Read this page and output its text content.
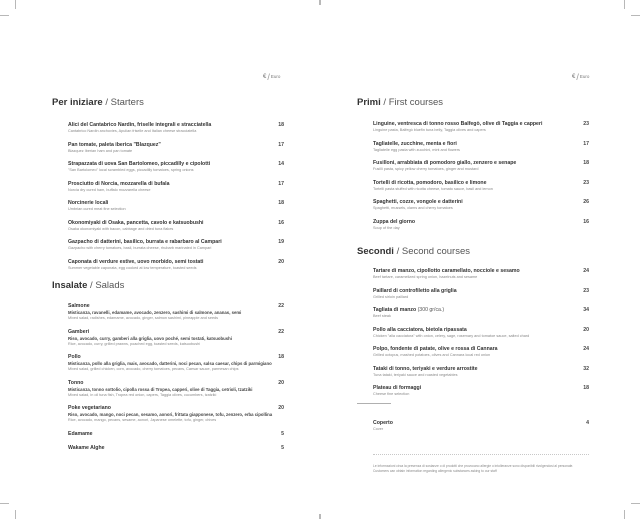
€/Euro
Per iniziare / Starters
Alici del Cantabrico Nardin, friselle integrali e stracciatella
Cantabrico Nardin anchovies, Apulian friselle and Italian cheese stracciatella
18
Pan tomate, paleta iberica "Blazquez"
Blazquez Iberian ham and pan tomate
17
Strapazzata di uova San Bartolomeo, piccadilly e cipolotti
"San Bartolomeo" local scrambled eggs, piccadilly tomatoes, spring onions
14
Prosciutto di Norcia, mozzarella di bufala
Norcia dry cured ham, buffalo mozzarella cheese
17
Norcinerie locali
Umbrian cured meat fine selection
18
Okonomiyaki di Osaka, pancetta, cavolo e katsuobushi
Osaka okonomiyaki with bacon, cabbage and dried tuna flakes
16
Gazpacho di datterini, basilico, burrata e rabarbaro al Campari
Gazpacho with cherry tomatoes, basil, burrata cheese, rhubarb marinated in Campari
19
Caponata di verdure estive, uovo morbido, semi tostati
Summer vegetable caponata, egg cooked at low temperature, toasted seeds
20
Insalate / Salads
Salmone
Misticanza, ravanelli, edamame, avocado, zenzero, sashimi di salmone, ananas, semi
Mixed salad, radishes, edamame, avocado, ginger, salmon sashimi, pineapple and seeds
22
Gamberi
Riso, avocado, curry, gamberi alla griglia, uovo poché, semi tostati, katsuobushi
Rice, avocado, curry, grilled prawns, poached egg, toasted seeds, katsuobushi
22
Pollo
Misticanza, pollo alla griglia, mais, avocado, datterini, noci pecan, salsa caesar, chips di parmigiano
Mixed salad, grilled chicken, corn, avocado, cherry tomatoes, pecans, Caesar sauce, parmesan chips
18
Tonno
Misticanza, tonno sottolio, cipolla rossa di Tropea, capperi, olive di Taggia, cetrioli, tzatziki
Mixed salad, in oil tuna fish, Tropea red onion, capers, Taggia olives, cucumbers, tzatziki
20
Poke vegetariano
Riso, avocado, mango, noci pecan, sesamo, aonori, frittata giapponese, tofu, zenzero, erba cipollina
Rice, avocado, mango, pecans, sesame, aonori, Japanese omelette, tofu, ginger, chives
20
Edamame	5
Wakame Alghe	5
€/Euro
Primi / First courses
Linguine, ventresca di tonno rosso Balfegò, olive di Taggia e capperi
Linguine pasta, Balfegò bluefin tuna belly, Taggia olives and capers
23
Tagliatelle, zucchine, menta e fiori
Tagliatelle egg pasta with zucchini, mint and flowers
17
Fusilloni, arrabbiata di pomodoro giallo, zenzero e senape
Fusilli pasta, spicy yellow cherry tomatoes, ginger and mustard
18
Tortelli di ricotta, pomodoro, basilico e limone
Tortelli pasta stuffed with ricotta cheese, tomato sauce, basil and lemon
23
Spaghetti, cozze, vongole e datterini
Spaghetti, mussels, clams and cherry tomatoes
26
Zuppa del giorno
Soup of the day
16
Secondi / Second courses
Tartare di manzo, cipollotto caramellato, nocciole e sesamo
Beef tartare, caramelized spring onion, hazelnuts and sesame
24
Paillard di controfiletto alla griglia
Grilled sirloin paillard
23
Tagliata di manzo (300 gr/ca.)
Beef steak
34
Pollo alla cacciatora, bietola ripassata
Chicken "alla cacciatora" with onion, celery, sage, rosemary and tomatoe sauce, salted chard
20
Polpo, fondente di patate, olive e rossa di Cannara
Grilled octopus, mashed potatoes, olives and Cannara local red onion
24
Tataki di tonno, teriyaki e verdure arrostite
Tuna tataki, teriyaki sauce and roasted vegetables
32
Plateau di formaggi
Cheese fine selection
18
Coperto
Cover
4
Le informazioni circa la presenza di sostanze o di prodotti che provocano allergie o intolleranze sono disponibili rivolgendosi al personale.
Customers can obtain information regarding allergenic substances asking to our staff
